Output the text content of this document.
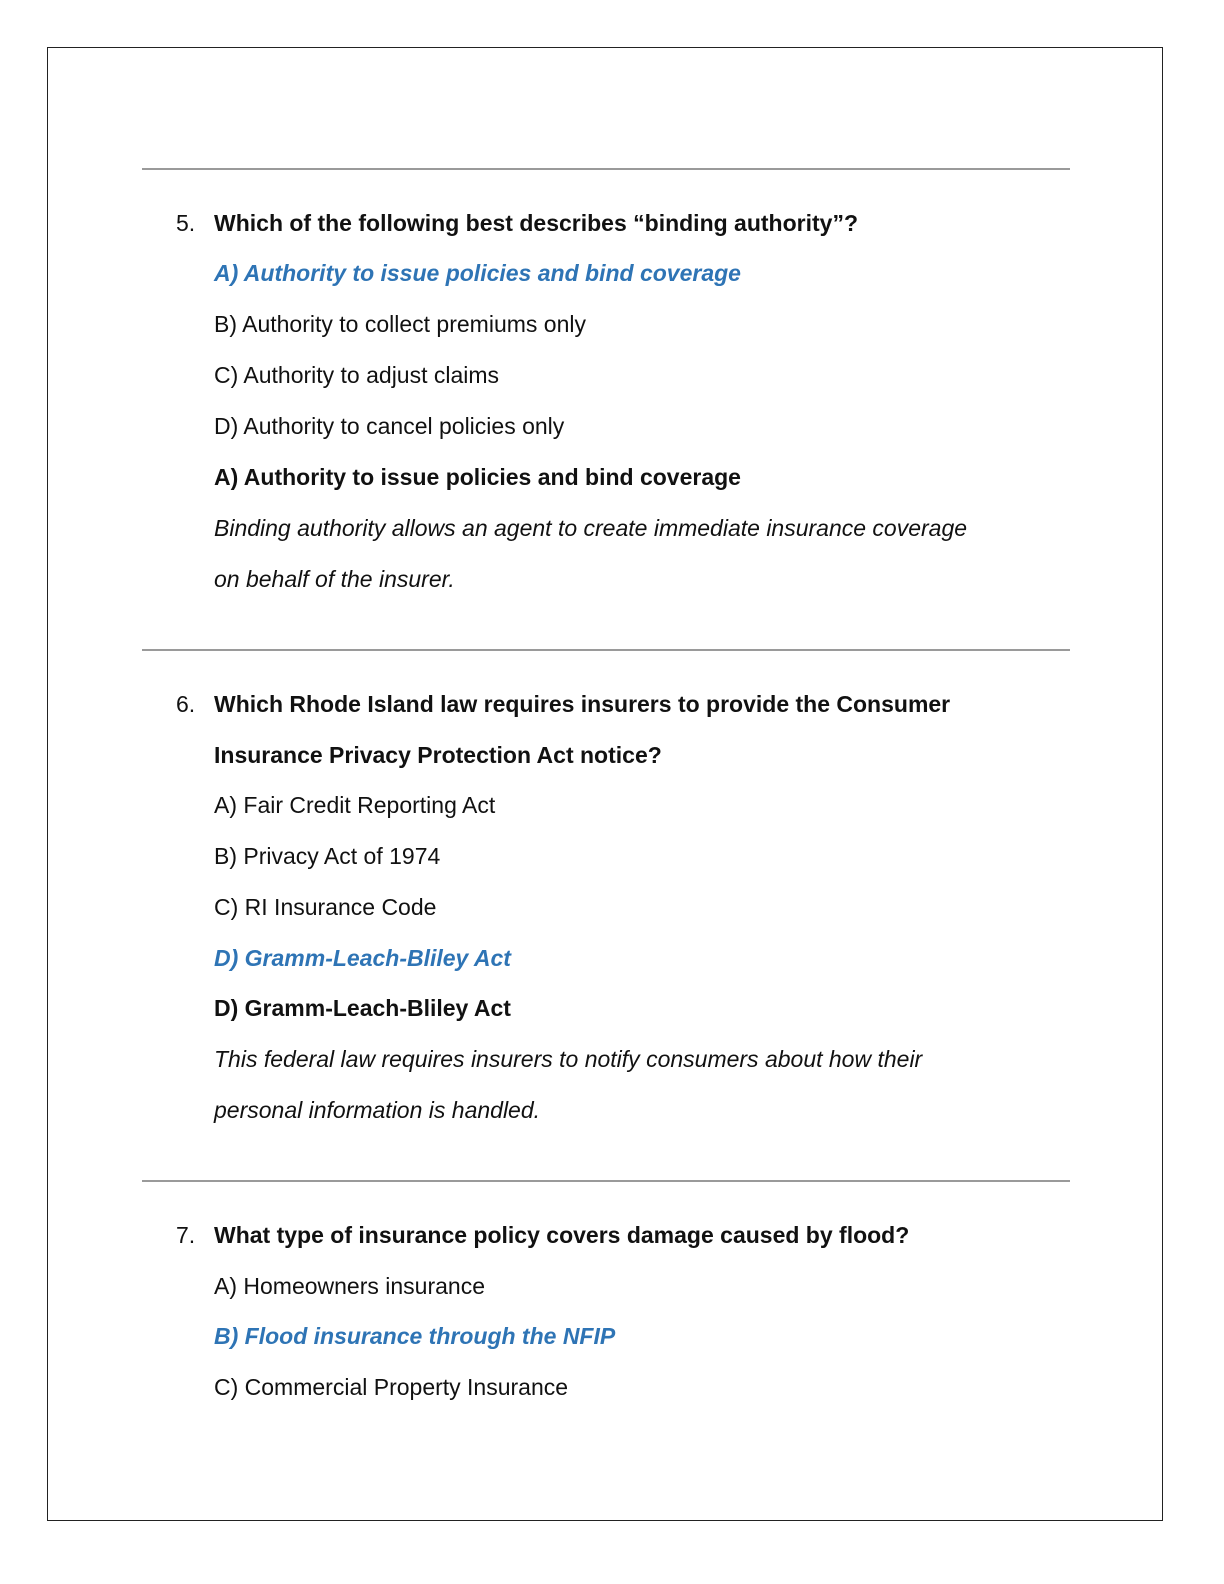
5. Which of the following best describes “binding authority”?
A) Authority to issue policies and bind coverage
B) Authority to collect premiums only
C) Authority to adjust claims
D) Authority to cancel policies only
A) Authority to issue policies and bind coverage
Binding authority allows an agent to create immediate insurance coverage
on behalf of the insurer.
6. Which Rhode Island law requires insurers to provide the Consumer
Insurance Privacy Protection Act notice?
A) Fair Credit Reporting Act
B) Privacy Act of 1974
C) RI Insurance Code
D) Gramm-Leach-Bliley Act
D) Gramm-Leach-Bliley Act
This federal law requires insurers to notify consumers about how their
personal information is handled.
7. What type of insurance policy covers damage caused by flood?
A) Homeowners insurance
B) Flood insurance through the NFIP
C) Commercial Property Insurance
